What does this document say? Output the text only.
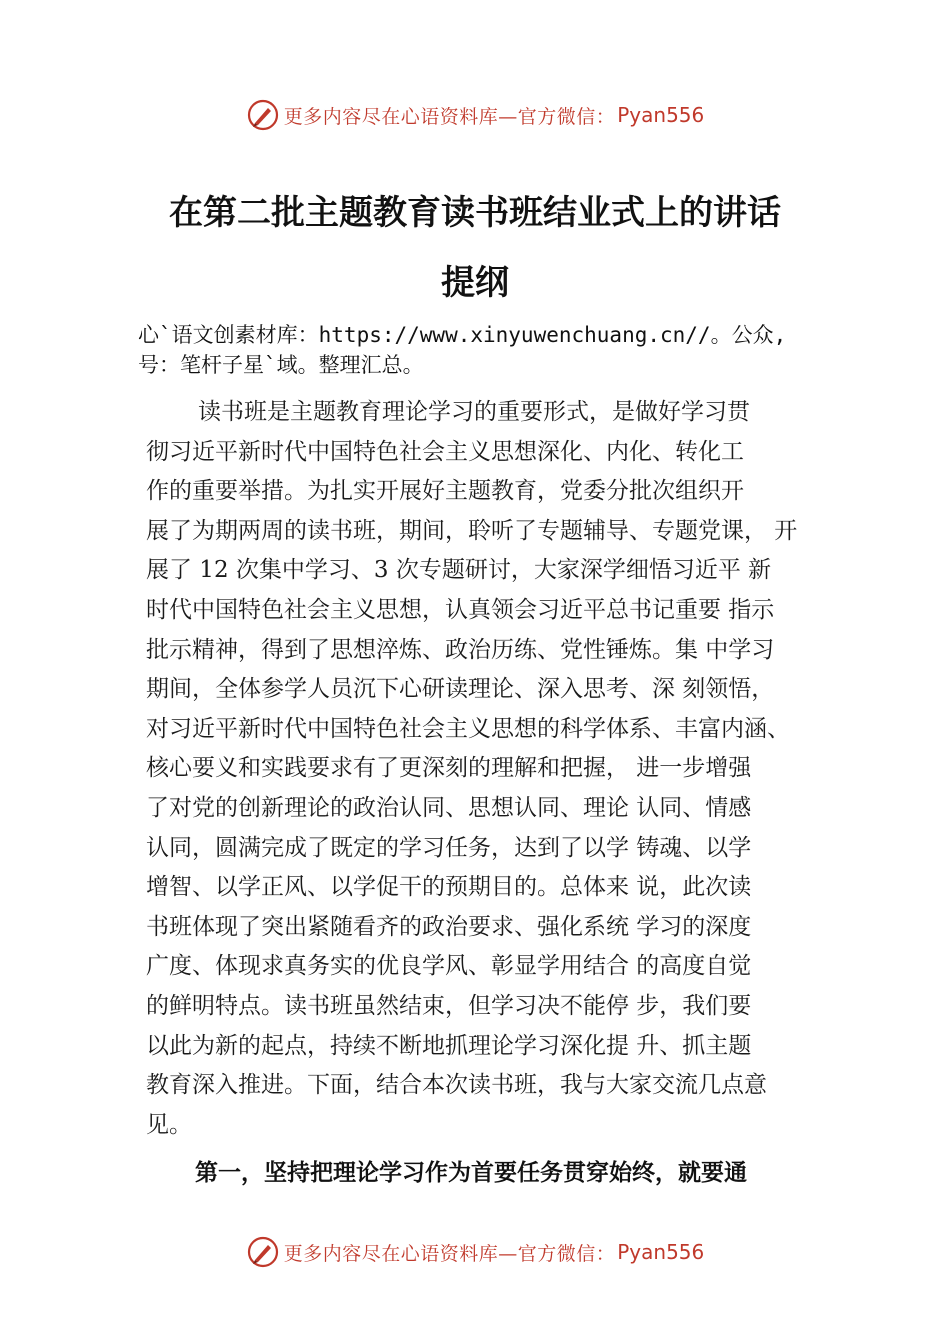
更多内容尽在心语资料库—官方微信： Pyan556
在第二批主题教育读书班结业式上的讲话
提纲
心`语文创素材库：https://www.xinyuwenchuang.cn//。公众,
号：笔杆子星`域。整理汇总。
读书班是主题教育理论学习的重要形式，是做好学习贯
彻习近平新时代中国特色社会主义思想深化、内化、转化工
作的重要举措。为扎实开展好主题教育，党委分批次组织开
展了为期两周的读书班，期间，聆听了专题辅导、专题党课， 开
展了 12 次集中学习、3 次专题研讨，大家深学细悟习近平 新
时代中国特色社会主义思想，认真领会习近平总书记重要 指示
批示精神，得到了思想淬炼、政治历练、党性锤炼。集 中学习
期间，全体参学人员沉下心研读理论、深入思考、深 刻领悟，
对习近平新时代中国特色社会主义思想的科学体系、丰富内涵、
核心要义和实践要求有了更深刻的理解和把握， 进一步增强
了对党的创新理论的政治认同、思想认同、理论 认同、情感
认同，圆满完成了既定的学习任务，达到了以学 铸魂、以学
增智、以学正风、以学促干的预期目的。总体来 说，此次读
书班体现了突出紧随看齐的政治要求、强化系统 学习的深度
广度、体现求真务实的优良学风、彰显学用结合 的高度自觉
的鲜明特点。读书班虽然结束，但学习决不能停 步，我们要
以此为新的起点，持续不断地抓理论学习深化提 升、抓主题
教育深入推进。下面，结合本次读书班，我与大家交流几点意
见。
第一，坚持把理论学习作为首要任务贯穿始终，就要通
更多内容尽在心语资料库—官方微信： Pyan556
